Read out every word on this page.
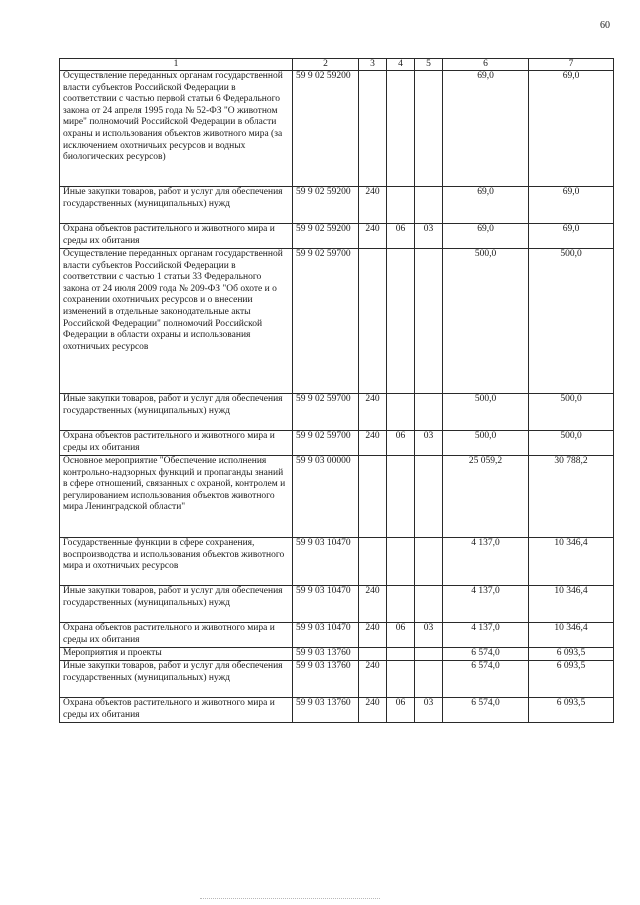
60
1	2	3	4	5	6	7
Осуществление переданных органам государственной власти субъектов Российской Федерации в соответствии с частью первой статьи 6 Федерального закона от 24 апреля 1995 года № 52-ФЗ "О животном мире" полномочий Российской Федерации в области охраны и использования объектов животного мира (за исключением охотничьих ресурсов и водных биологических ресурсов)	59 9 02 59200				69,0	69,0
Иные закупки товаров, работ и услуг для обеспечения государственных (муниципальных) нужд	59 9 02 59200	240			69,0	69,0
Охрана объектов растительного и животного мира и среды их обитания	59 9 02 59200	240	06	03	69,0	69,0
Осуществление переданных органам государственной власти субъектов Российской Федерации в соответствии с частью 1 статьи 33 Федерального закона от 24 июля 2009 года № 209-ФЗ "Об охоте и о сохранении охотничьих ресурсов и о внесении изменений в отдельные законодательные акты Российской Федерации" полномочий Российской Федерации в области охраны и использования охотничьих ресурсов	59 9 02 59700				500,0	500,0
Иные закупки товаров, работ и услуг для обеспечения государственных (муниципальных) нужд	59 9 02 59700	240			500,0	500,0
Охрана объектов растительного и животного мира и среды их обитания	59 9 02 59700	240	06	03	500,0	500,0
Основное мероприятие "Обеспечение исполнения контрольно-надзорных функций и пропаганды знаний в сфере отношений, связанных с охраной, контролем и регулированием использования объектов животного мира Ленинградской области"	59 9 03 00000				25 059,2	30 788,2
Государственные функции в сфере сохранения, воспроизводства и использования объектов животного мира и охотничьих ресурсов	59 9 03 10470				4 137,0	10 346,4
Иные закупки товаров, работ и услуг для обеспечения государственных (муниципальных) нужд	59 9 03 10470	240			4 137,0	10 346,4
Охрана объектов растительного и животного мира и среды их обитания	59 9 03 10470	240	06	03	4 137,0	10 346,4
Мероприятия и проекты	59 9 03 13760				6 574,0	6 093,5
Иные закупки товаров, работ и услуг для обеспечения государственных (муниципальных) нужд	59 9 03 13760	240			6 574,0	6 093,5
Охрана объектов растительного и животного мира и среды их обитания	59 9 03 13760	240	06	03	6 574,0	6 093,5
